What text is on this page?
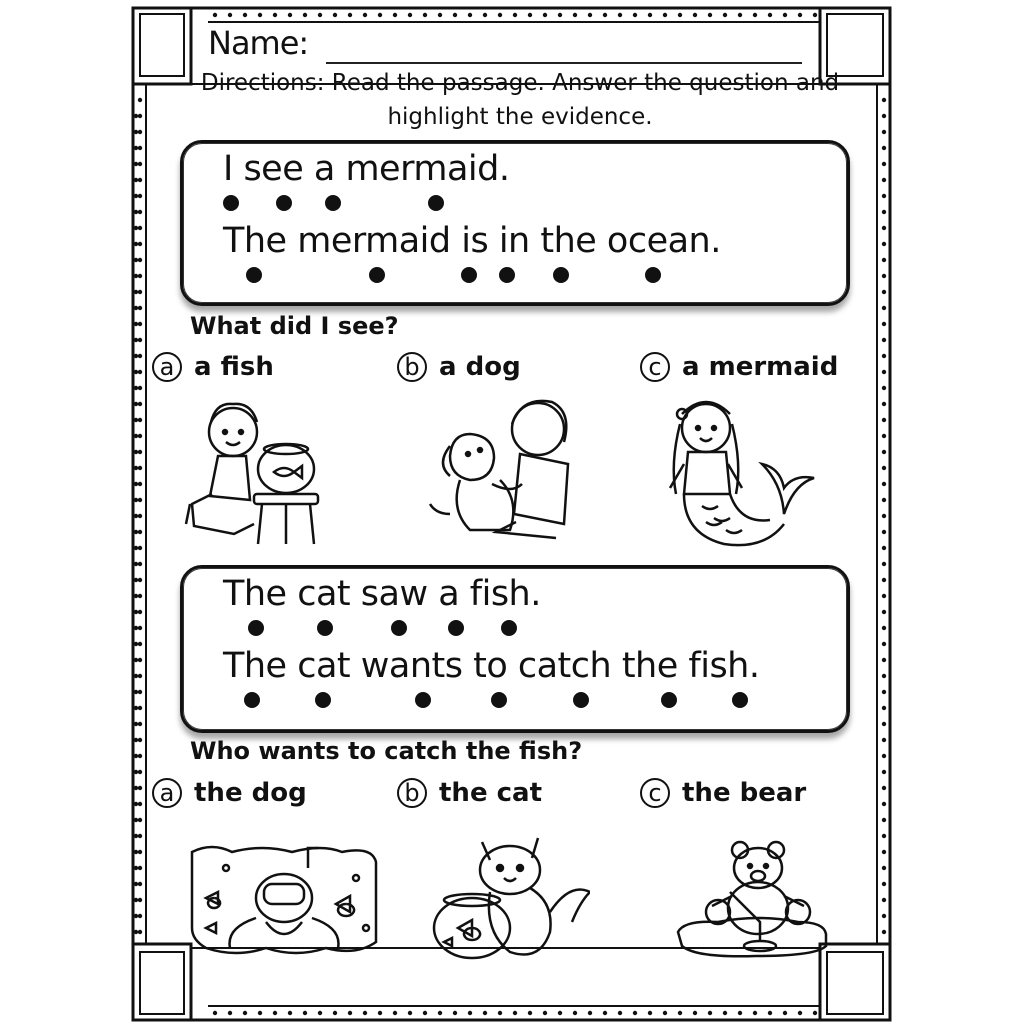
Name:
Directions: Read the passage. Answer the question and
highlight the evidence.
I see a mermaid.
The mermaid is in the ocean.
What did I see?
a a fish	b a dog	c a mermaid
The cat saw a fish.
The cat wants to catch the fish.
Who wants to catch the fish?
a the dog	b the cat	c the bear
